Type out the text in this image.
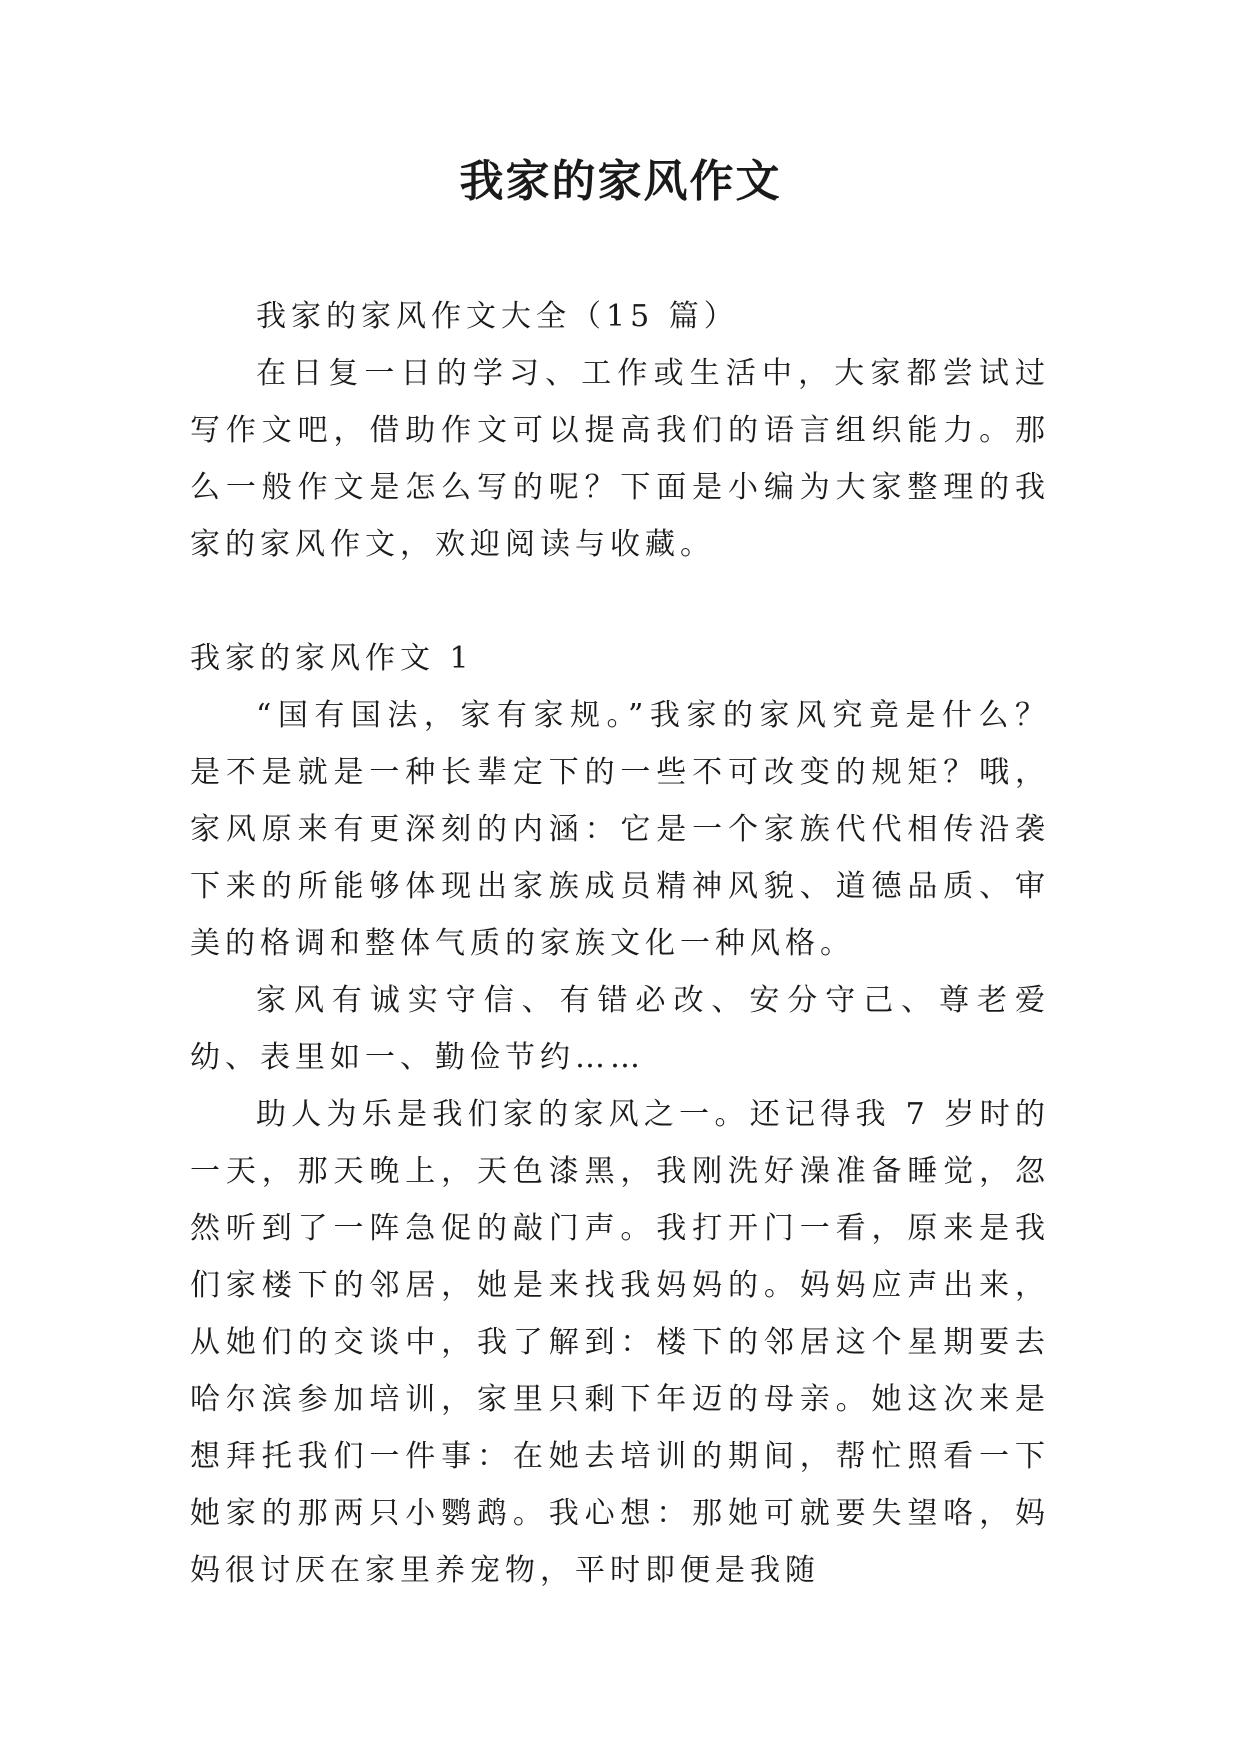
我家的家风作文

我家的家风作文大全（15 篇）

在日复一日的学习、工作或生活中，大家都尝试过写作文吧，借助作文可以提高我们的语言组织能力。那么一般作文是怎么写的呢？下面是小编为大家整理的我家的家风作文，欢迎阅读与收藏。

我家的家风作文 1

“国有国法，家有家规。”我家的家风究竟是什么？是不是就是一种长辈定下的一些不可改变的规矩？哦，家风原来有更深刻的内涵：它是一个家族代代相传沿袭下来的所能够体现出家族成员精神风貌、道德品质、审美的格调和整体气质的家族文化一种风格。

家风有诚实守信、有错必改、安分守己、尊老爱幼、表里如一、勤俭节约……

助人为乐是我们家的家风之一。还记得我 7 岁时的一天，那天晚上，天色漆黑，我刚洗好澡准备睡觉，忽然听到了一阵急促的敲门声。我打开门一看，原来是我们家楼下的邻居，她是来找我妈妈的。妈妈应声出来，从她们的交谈中，我了解到：楼下的邻居这个星期要去哈尔滨参加培训，家里只剩下年迈的母亲。她这次来是想拜托我们一件事：在她去培训的期间，帮忙照看一下她家的那两只小鹦鹉。我心想：那她可就要失望咯，妈妈很讨厌在家里养宠物，平时即便是我随
